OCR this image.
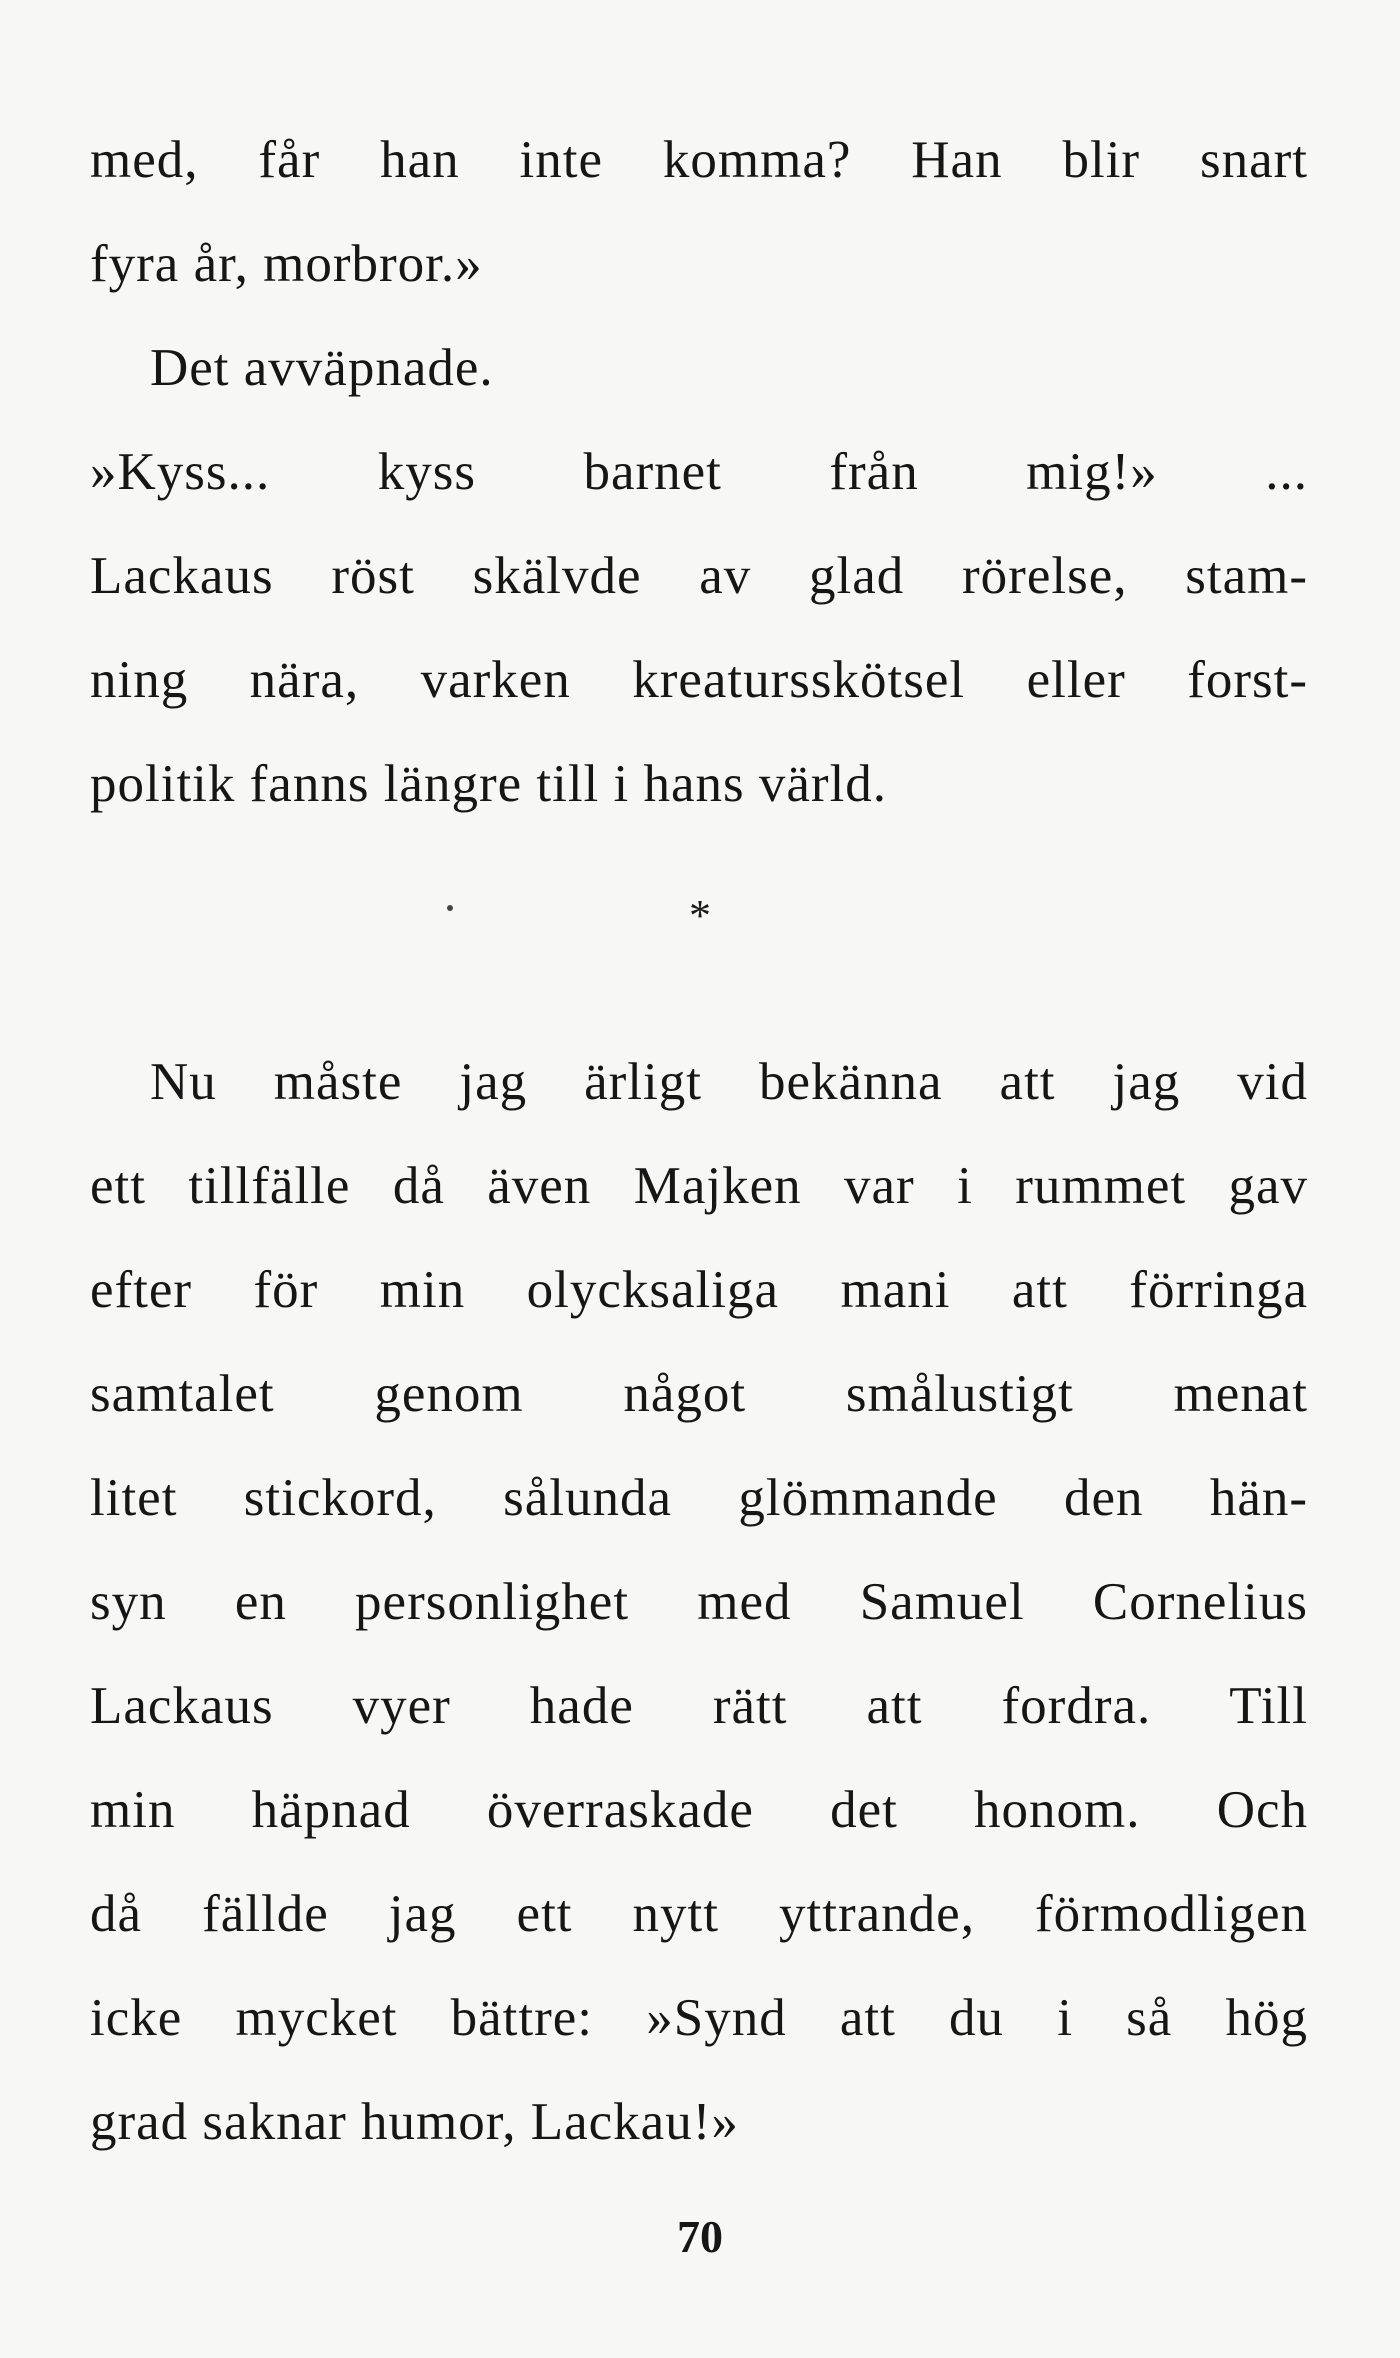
med, får han inte komma? Han blir snart

fyra år, morbror.»

Det avväpnade.

»Kyss... kyss barnet från mig!» ...

Lackaus röst skälvde av glad rörelse, stam-

ning nära, varken kreatursskötsel eller forst-

politik fanns längre till i hans värld.

*

Nu måste jag ärligt bekänna att jag vid

ett tillfälle då även Majken var i rummet gav

efter för min olycksaliga mani att förringa

samtalet genom något smålustigt menat

litet stickord, sålunda glömmande den hän-

syn en personlighet med Samuel Cornelius

Lackaus vyer hade rätt att fordra. Till

min häpnad överraskade det honom. Och

då fällde jag ett nytt yttrande, förmodligen

icke mycket bättre: »Synd att du i så hög

grad saknar humor, Lackau!»

70
